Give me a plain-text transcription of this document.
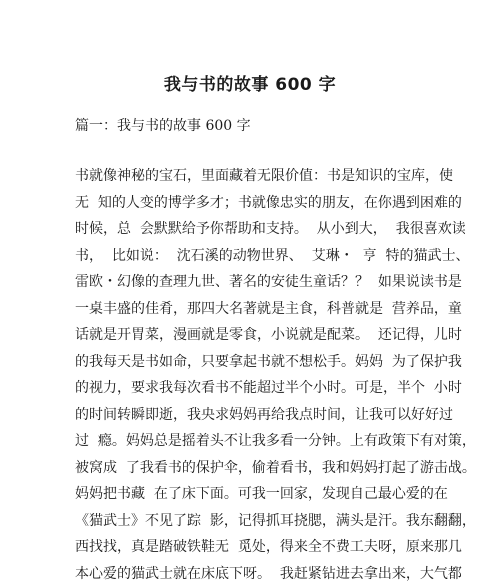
我与书的故事 600 字
篇一：我与书的故事 600 字
书就像神秘的宝石，里面藏着无限价值：书是知识的宝库，使
无  知的人变的博学多才；书就像忠实的朋友，在你遇到困难的
时候，总  会默默给予你帮助和支持。  从小到大，  我很喜欢读
书，  比如说：  沈石溪的动物世界、  艾琳・  亨  特的猫武士、
雷欧・幻像的查理九世、著名的安徒生童话？？  如果说读书是
一桌丰盛的佳肴，那四大名著就是主食，科普就是  营养品，童
话就是开胃菜，漫画就是零食，小说就是配菜。  还记得，儿时
的我每天是书如命，只要拿起书就不想松手。妈妈  为了保护我
的视力，要求我每次看书不能超过半个小时。可是，半个  小时
的时间转瞬即逝，我央求妈妈再给我点时间，让我可以好好过
过  瘾。妈妈总是摇着头不让我多看一分钟。上有政策下有对策，
被窝成  了我看书的保护伞，偷着看书，我和妈妈打起了游击战。
妈妈把书藏  在了床下面。可我一回家，发现自己最心爱的在
《猫武士》不见了踪  影，记得抓耳挠腮，满头是汗。我东翻翻，
西找找，真是踏破铁鞋无  觅处，得来全不费工夫呀，原来那几
本心爱的猫武士就在床底下呀。  我赶紧钻进去拿出来，大气都
